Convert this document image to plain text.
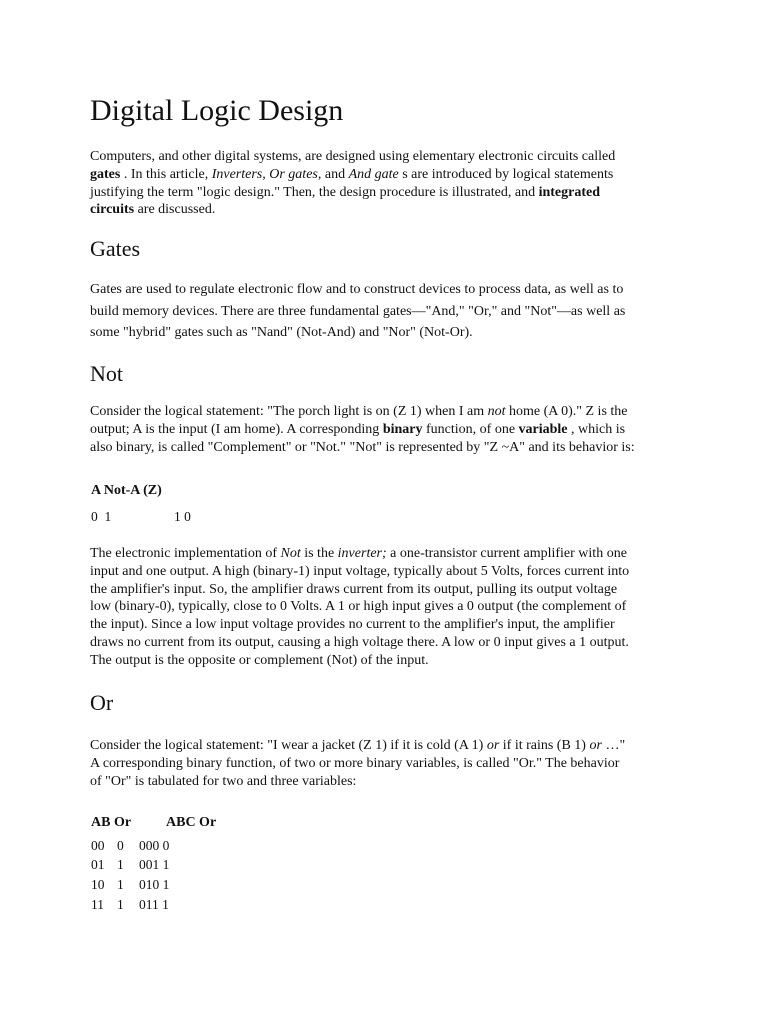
Digital Logic Design
Computers, and other digital systems, are designed using elementary electronic circuits called
gates . In this article, Inverters, Or gates, and And gate s are introduced by logical statements
justifying the term "logic design." Then, the design procedure is illustrated, and integrated
circuits are discussed.
Gates
Gates are used to regulate electronic flow and to construct devices to process data, as well as to
build memory devices. There are three fundamental gates—"And," "Or," and "Not"—as well as
some "hybrid" gates such as "Nand" (Not-And) and "Nor" (Not-Or).
Not
Consider the logical statement: "The porch light is on (Z 1) when I am not home (A 0)." Z is the
output; A is the input (I am home). A corresponding binary function, of one variable , which is
also binary, is called "Complement" or "Not." "Not" is represented by "Z ~A" and its behavior is:
A Not-A (Z)
0  1	1 0
The electronic implementation of Not is the inverter; a one-transistor current amplifier with one
input and one output. A high (binary-1) input voltage, typically about 5 Volts, forces current into
the amplifier's input. So, the amplifier draws current from its output, pulling its output voltage
low (binary-0), typically, close to 0 Volts. A 1 or high input gives a 0 output (the complement of
the input). Since a low input voltage provides no current to the amplifier's input, the amplifier
draws no current from its output, causing a high voltage there. A low or 0 input gives a 1 output.
The output is the opposite or complement (Not) of the input.
Or
Consider the logical statement: "I wear a jacket (Z 1) if it is cold (A 1) or if it rains (B 1) or …"
A corresponding binary function, of two or more binary variables, is called "Or." The behavior
of "Or" is tabulated for two and three variables:
AB Or ABC Or
00 0 000 0
01 1 001 1
10 1 010 1
11 1 011 1
